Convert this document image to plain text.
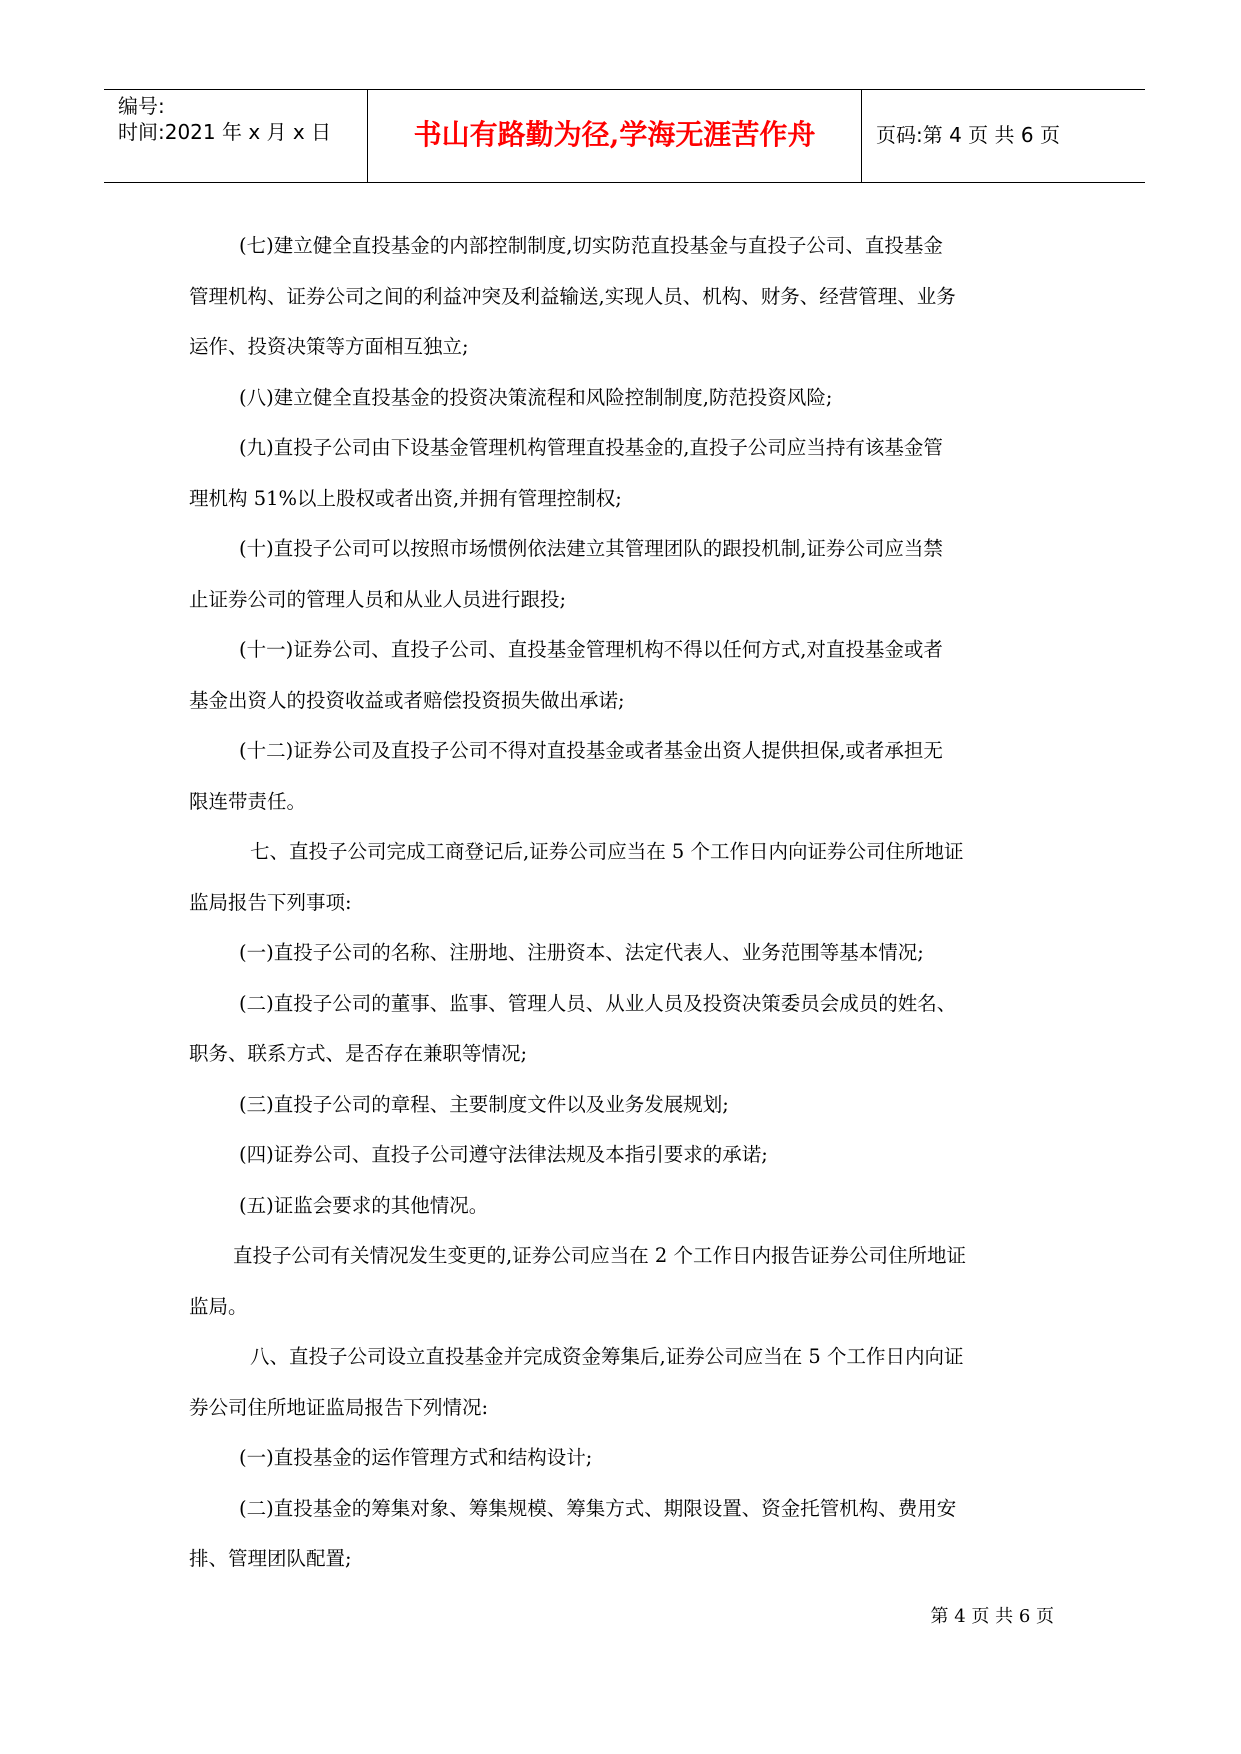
编号:
时间:2021 年 x 月 x 日	书山有路勤为径,学海无涯苦作舟	页码:第 4 页 共 6 页
(七)建立健全直投基金的内部控制制度,切实防范直投基金与直投子公司、直投基金
管理机构、证券公司之间的利益冲突及利益输送,实现人员、机构、财务、经营管理、业务
运作、投资决策等方面相互独立;
(八)建立健全直投基金的投资决策流程和风险控制制度,防范投资风险;
(九)直投子公司由下设基金管理机构管理直投基金的,直投子公司应当持有该基金管
理机构 51%以上股权或者出资,并拥有管理控制权;
(十)直投子公司可以按照市场惯例依法建立其管理团队的跟投机制,证券公司应当禁
止证券公司的管理人员和从业人员进行跟投;
(十一)证券公司、直投子公司、直投基金管理机构不得以任何方式,对直投基金或者
基金出资人的投资收益或者赔偿投资损失做出承诺;
(十二)证券公司及直投子公司不得对直投基金或者基金出资人提供担保,或者承担无
限连带责任。
七、直投子公司完成工商登记后,证券公司应当在 5 个工作日内向证券公司住所地证
监局报告下列事项:
(一)直投子公司的名称、注册地、注册资本、法定代表人、业务范围等基本情况;
(二)直投子公司的董事、监事、管理人员、从业人员及投资决策委员会成员的姓名、
职务、联系方式、是否存在兼职等情况;
(三)直投子公司的章程、主要制度文件以及业务发展规划;
(四)证券公司、直投子公司遵守法律法规及本指引要求的承诺;
(五)证监会要求的其他情况。
直投子公司有关情况发生变更的,证券公司应当在 2 个工作日内报告证券公司住所地证
监局。
八、直投子公司设立直投基金并完成资金筹集后,证券公司应当在 5 个工作日内向证
券公司住所地证监局报告下列情况:
(一)直投基金的运作管理方式和结构设计;
(二)直投基金的筹集对象、筹集规模、筹集方式、期限设置、资金托管机构、费用安
排、管理团队配置;
第 4 页 共 6 页
